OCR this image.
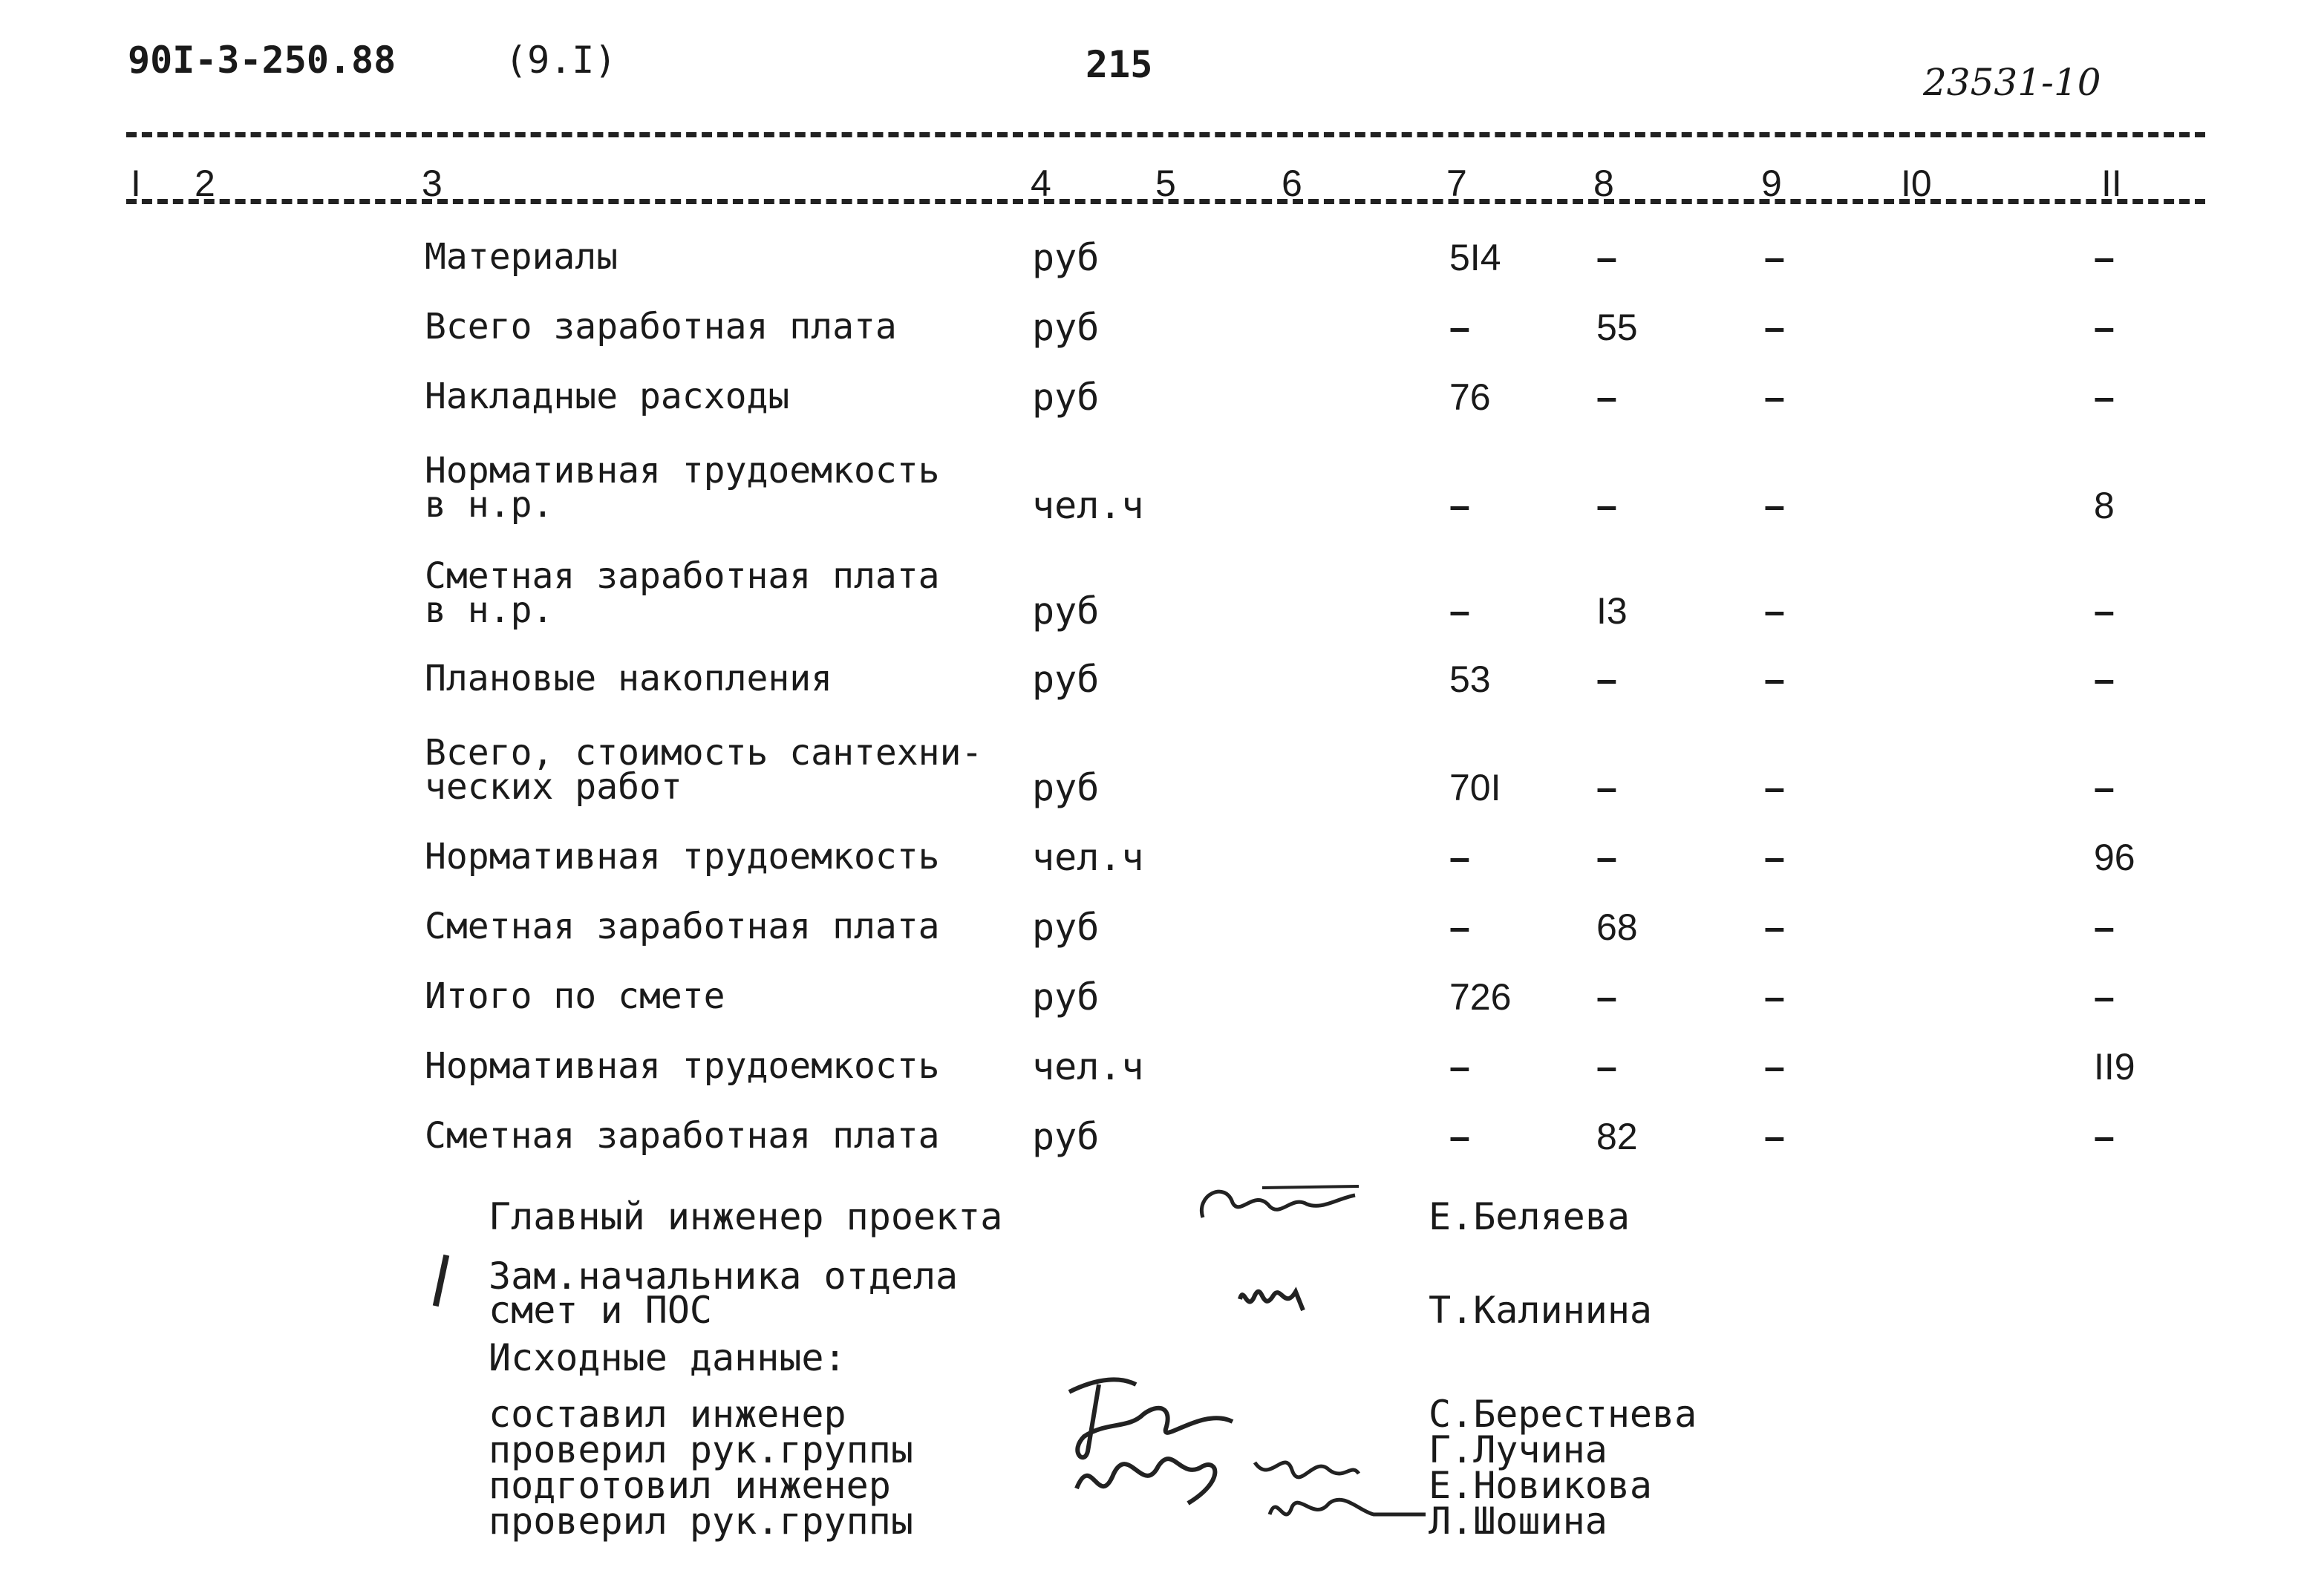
90I-3-250.88	(9.I)	215	23531-10
I 2	3	4	5	6	7	8	9	I0	II
Материалы	руб	5I4	–	–	–
Всего заработная плата	руб	–	55	–	–
Накладные расходы	руб	76	–	–	–
Нормативная трудоемкость
в н.р.	чел.ч	–	–	–	8
Сметная заработная плата
в н.р.	руб	–	I3	–	–
Плановые накопления	руб	53	–	–	–
Всего, стоимость сантехни-
ческих работ	руб	70I	–	–	–
Нормативная трудоемкость чел.ч	–	–	–	96
Сметная заработная плата руб	–	68	–	–
Итого по смете	руб	726 –	–	–
Нормативная трудоемкость чел.ч	–	–	–	II9
Сметная заработная плата руб	–	82	–	–
Главный инженер проекта	Е.Беляева
Зам.начальника отдела
смет и ПОС	Т.Калинина
Исходные данные:
составил инженер
проверил рук.группы
подготовил инженер
проверил рук.группы
С.Берестнева
Г.Лучина
Е.Новикова
Л.Шошина
